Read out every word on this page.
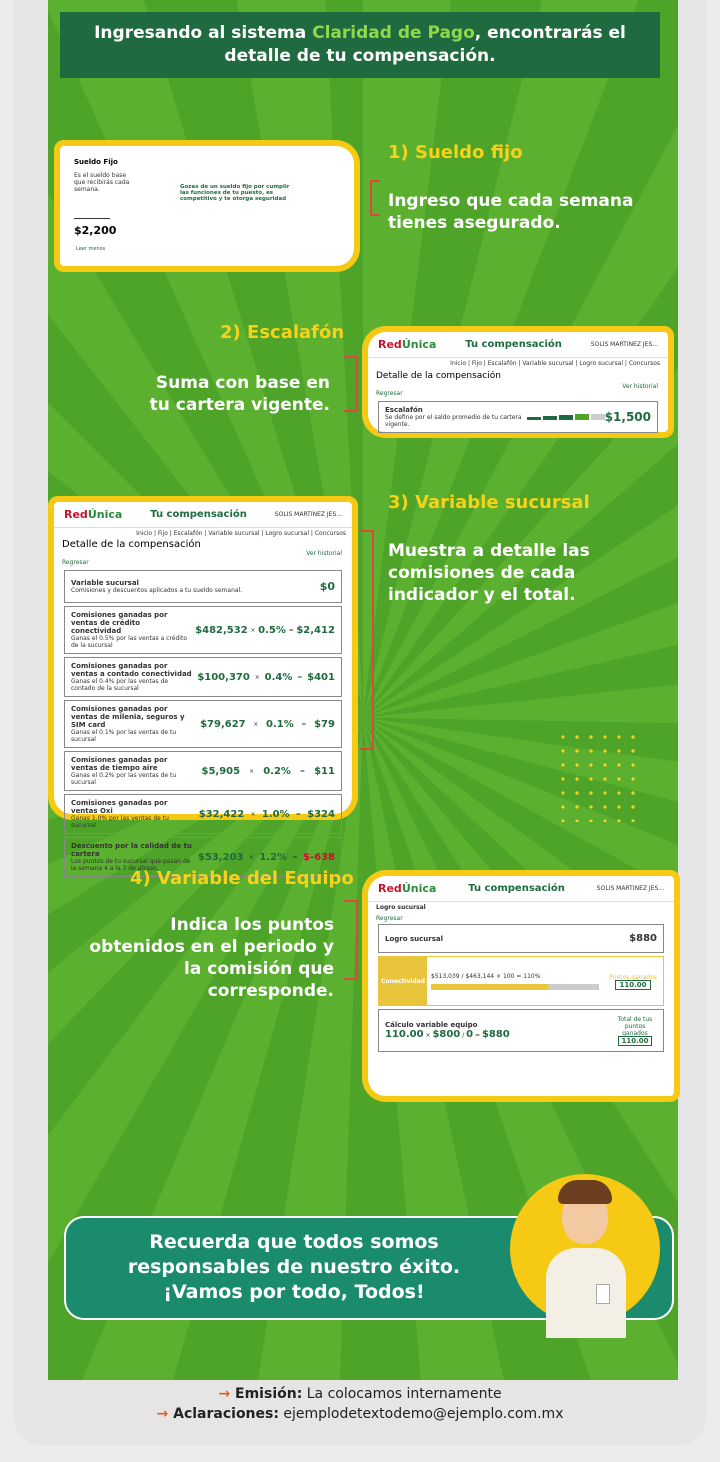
Ingresando al sistema Claridad de Pago, encontrarás el detalle de tu compensación.
Sueldo Fijo
Es el sueldo base que recibirás cada semana.	Gozas de un sueldo fijo por cumplir las funciones de tu puesto, es competitivo y te otorga seguridad
$2,200
Leer menos
1) Sueldo fijo
Ingreso que cada semana tienes asegurado.
2) Escalafón
Suma con base en tu cartera vigente.
RedÚnica	Tu compensación	SOLIS MARTINEZ JES...
Inicio | Fijo | Escalafón | Variable sucursal | Logro sucursal | Concursos
Detalle de la compensación
Ver historial
Regresar
Escalafón
Se define por el saldo promedio de tu cartera vigente.
$1,500
RedÚnica	Tu compensación	SOLIS MARTINEZ JES...
Inicio | Fijo | Escalafón | Variable sucursal | Logro sucursal | Concursos
Detalle de la compensación
Ver historial
Regresar
Variable sucursal
Comisiones y descuentos aplicados a tu sueldo semanal.	$0
Comisiones ganadas por ventas de crédito conectividad
Ganas el 0.5% por las ventas a crédito de la sucursal
$482,532 × 0.5% = $2,412
Comisiones ganadas por ventas a contado conectividad
Ganas el 0.4% por las ventas de contado de la sucursal
$100,370 × 0.4% = $401
Comisiones ganadas por ventas de milenia, seguros y SIM card
Ganas el 0.1% por las ventas de tu sucursal
$79,627 × 0.1% = $79
Comisiones ganadas por ventas de tiempo aire
Ganas el 0.2% por las ventas de tu sucursal
$5,905 × 0.2% = $11
Comisiones ganadas por ventas Oxi
Ganas 1.0% por las ventas de tu sucursal
$32,422 × 1.0% = $324
Descuento por la calidad de tu cartera
Los puntos de tu sucursal que pasan de la semana 4 a la 7 de atraso.
$53,203 × 1.2% = $-638
3) Variable sucursal
Muestra a detalle las comisiones de cada indicador y el total.
4) Variable del Equipo
Indica los puntos obtenidos en el periodo y la comisión que corresponde.
RedÚnica	Tu compensación	SOLIS MARTINEZ JES...
Logro sucursal
Regresar
Logro sucursal	$880
Conectividad
$513,039 / $463,144 × 100 = 110%	Puntos ganados
110.00
Cálculo variable equipo
110.00 × $800 / 0 = $880
Total de tus puntos ganados
110.00
Recuerda que todos somos
responsables de nuestro éxito.
¡Vamos por todo, Todos!
→ Emisión: La colocamos internamente
→ Aclaraciones: ejemplodetextodemo@ejemplo.com.mx
